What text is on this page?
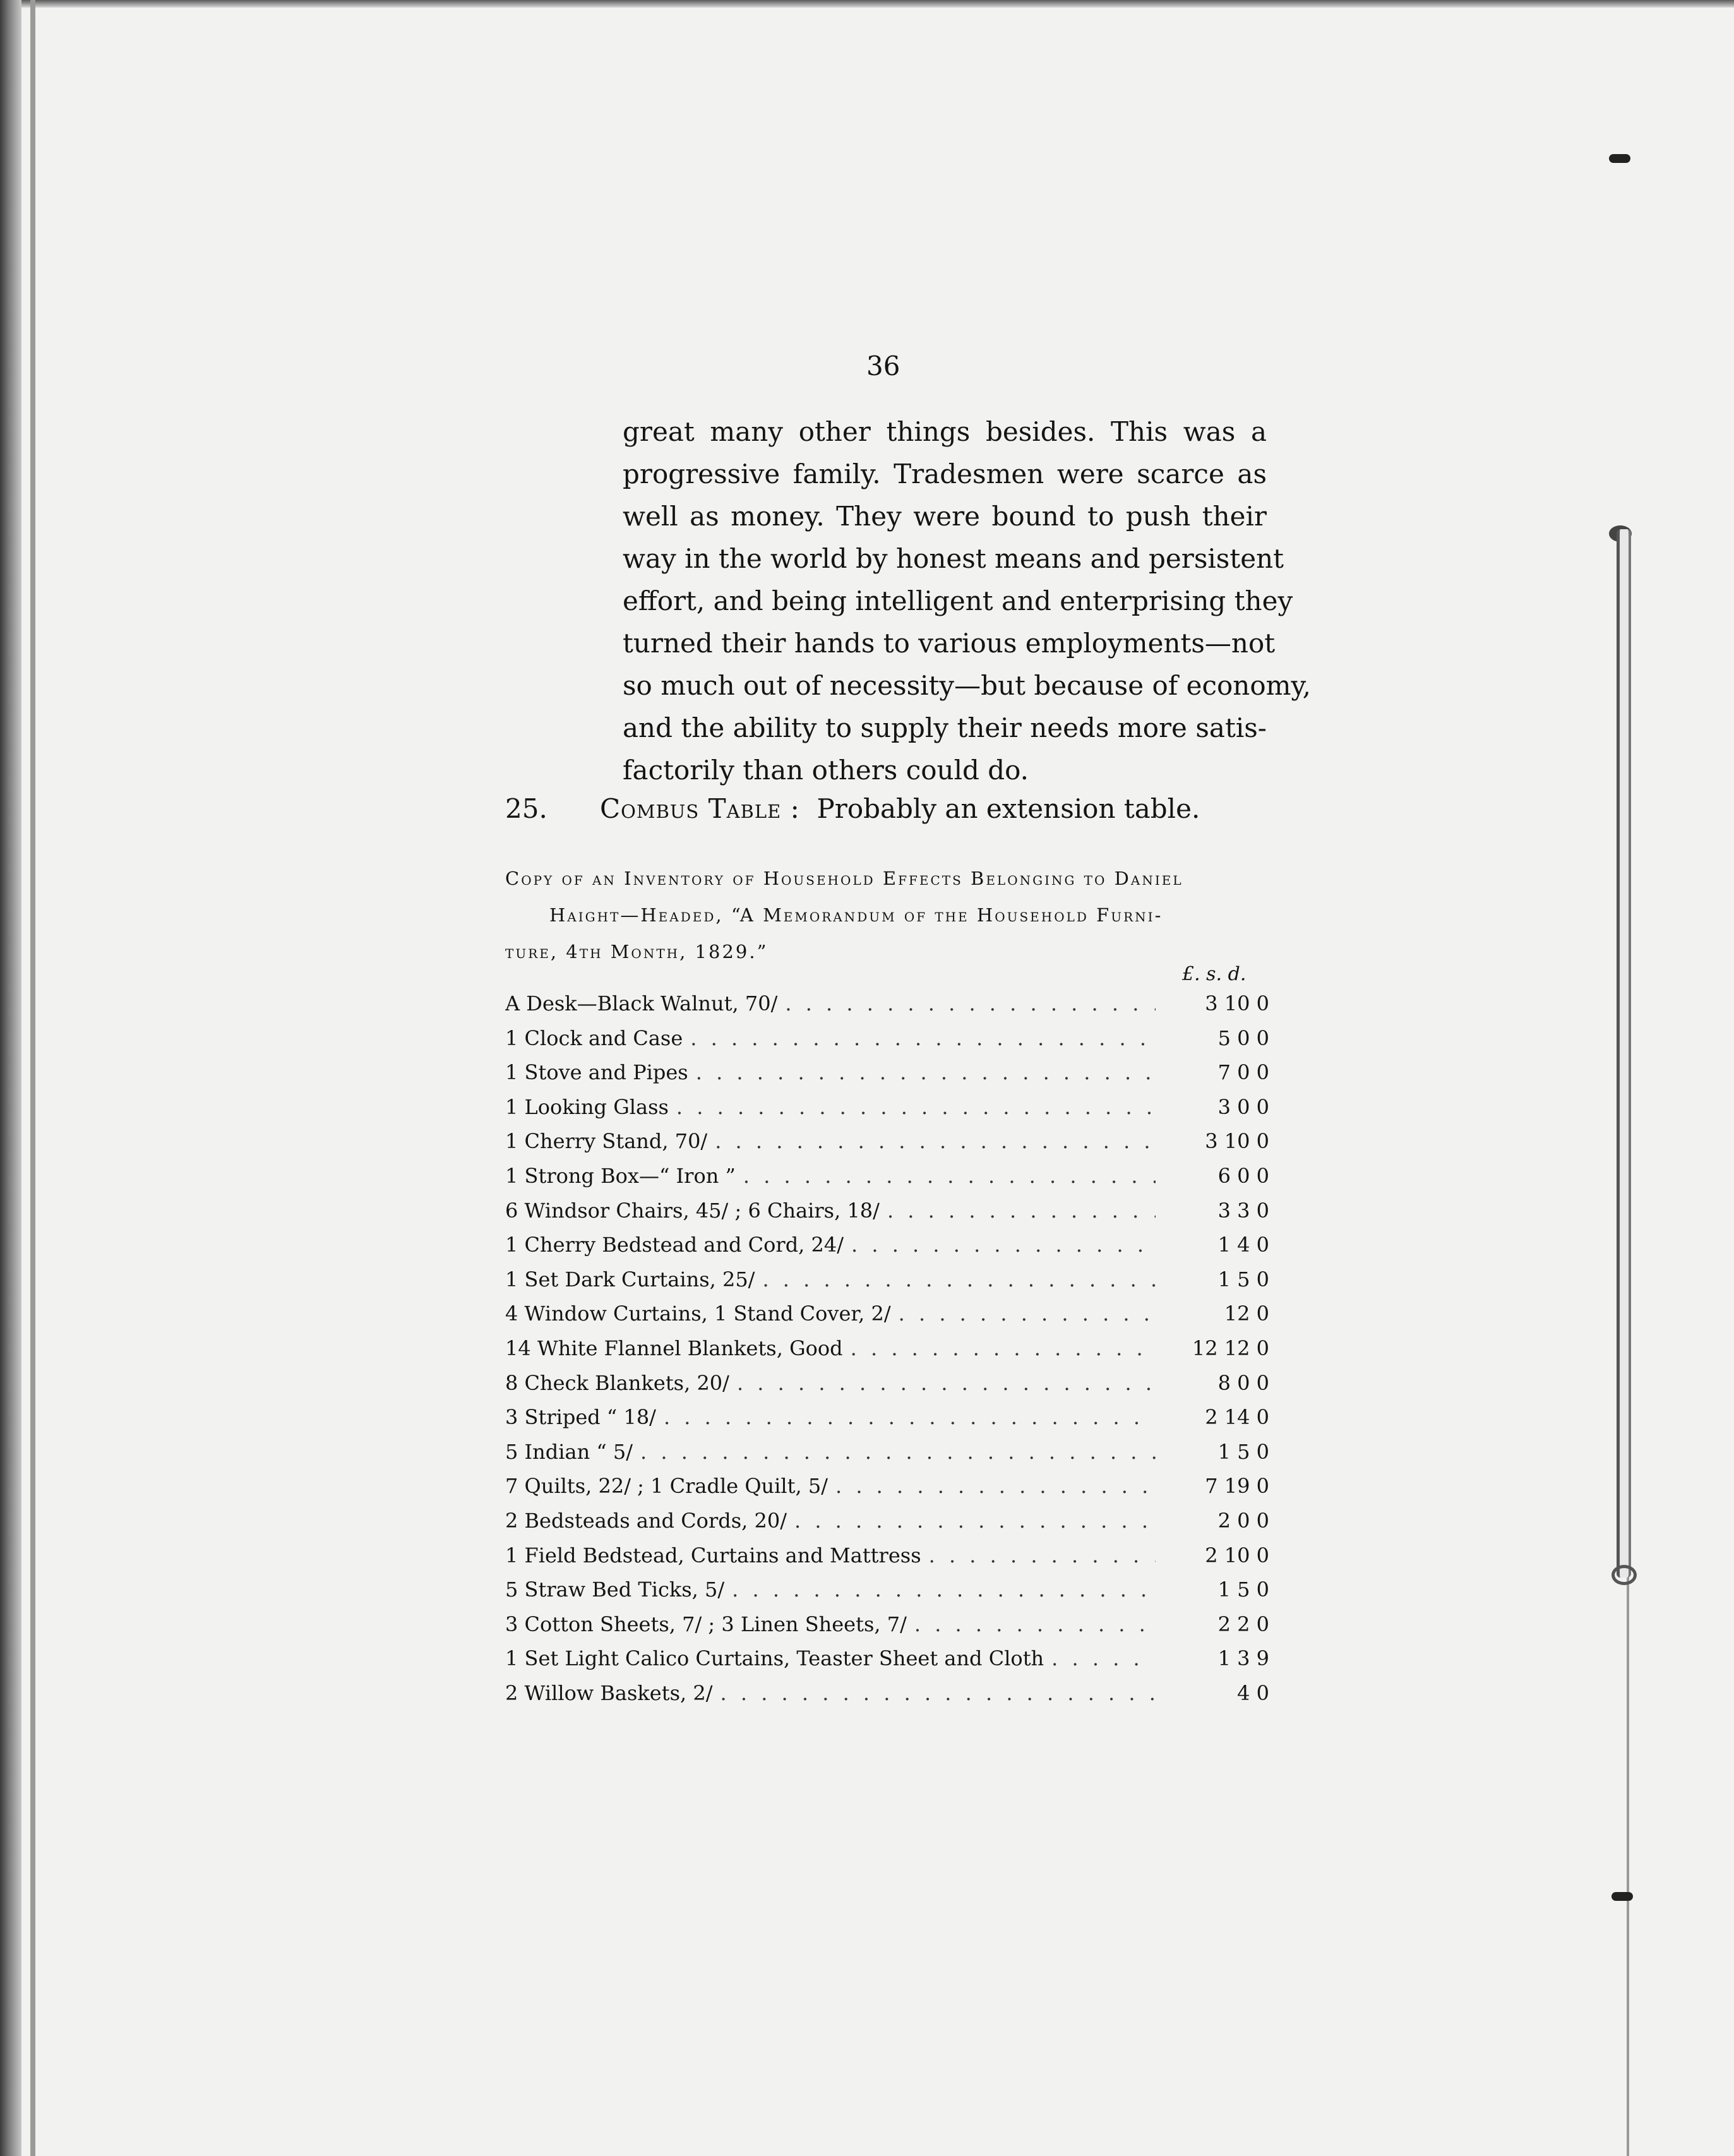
36
great many other things besides. This was a
progressive family. Tradesmen were scarce as
well as money. They were bound to push their
way in the world by honest means and persistent
effort, and being intelligent and enterprising they
turned their hands to various employments—not
so much out of necessity—but because of economy,
and the ability to supply their needs more satis-
factorily than others could do.
25. Combus Table : Probably an extension table.
Copy of an Inventory of Household Effects Belonging to Daniel
Haight—Headed, “A Memorandum of the Household Furni-
ture, 4th Month, 1829.”
£. s. d.
A Desk—Black Walnut, 70/ . . .	3 10 0
1 Clock and Case . . .	5 0 0
1 Stove and Pipes . . .	7 0 0
1 Looking Glass . . .	3 0 0
1 Cherry Stand, 70/ . . .	3 10 0
1 Strong Box—“ Iron ” . . .	6 0 0
6 Windsor Chairs, 45/ ; 6 Chairs, 18/ . . .	3 3 0
1 Cherry Bedstead and Cord, 24/ . . .	1 4 0
1 Set Dark Curtains, 25/ . . .	1 5 0
4 Window Curtains, 1 Stand Cover, 2/ . . .	12 0
14 White Flannel Blankets, Good . . .	12 12 0
8 Check Blankets, 20/ . . .	8 0 0
3 Striped “ 18/ . . .	2 14 0
5 Indian “ 5/ . . .	1 5 0
7 Quilts, 22/ ; 1 Cradle Quilt, 5/ . . .	7 19 0
2 Bedsteads and Cords, 20/ . . .	2 0 0
1 Field Bedstead, Curtains and Mattress . . .	2 10 0
5 Straw Bed Ticks, 5/ . . .	1 5 0
3 Cotton Sheets, 7/ ; 3 Linen Sheets, 7/ . . .	2 2 0
1 Set Light Calico Curtains, Teaster Sheet and Cloth . . .	1 3 9
2 Willow Baskets, 2/ . . .	4 0
